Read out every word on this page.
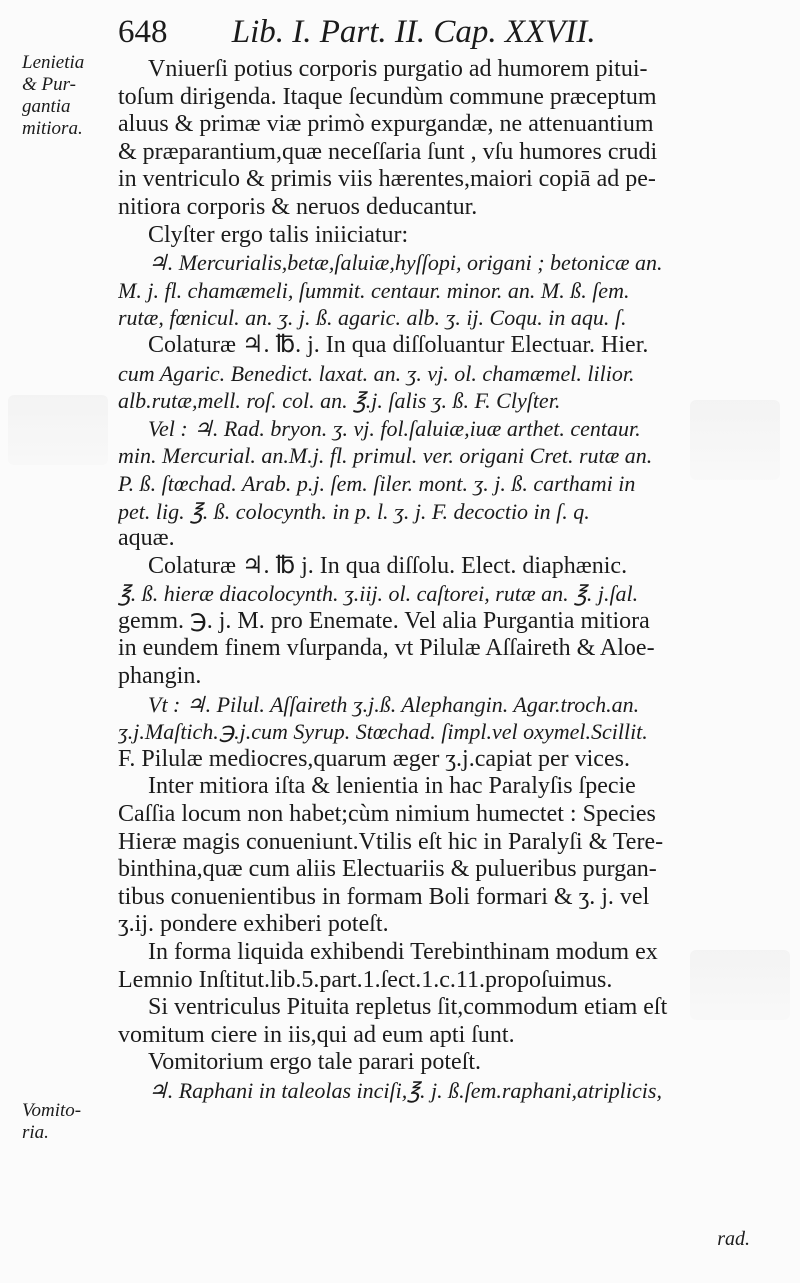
648 Lib. I. Part. II. Cap. XXVII.
Lenietia
& Pur-
gantia
mitiora.
Vomito-
ria.
Vniuerſi potius corporis purgatio ad humorem pitui-
toſum dirigenda. Itaque ſecundùm commune præceptum
aluus & primæ viæ primò expurgandæ, ne attenuantium
& præparantium,quæ neceſſaria ſunt , vſu humores crudi
in ventriculo & primis viis hærentes,maiori copiā ad pe-
nitiora corporis & neruos deducantur.
Clyſter ergo talis iniiciatur:
♃. Mercurialis,betæ,ſaluiæ,hyſſopi, origani ; betonicæ an.
M. j. fl. chamæmeli, ſummit. centaur. minor. an. M. ß. ſem.
rutæ, fœnicul. an. ʒ. j. ß. agaric. alb. ʒ. ij. Coqu. in aqu. ſ.
Colaturæ ♃. ℔. j. In qua diſſoluantur Electuar. Hier.
cum Agaric. Benedict. laxat. an. ʒ. vj. ol. chamæmel. lilior.
alb.rutæ,mell. roſ. col. an. ℥.j. ſalis ʒ. ß. F. Clyſter.
Vel : ♃. Rad. bryon. ʒ. vj. fol.ſaluiæ,iuæ arthet. centaur.
min. Mercurial. an.M.j. fl. primul. ver. origani Cret. rutæ an.
P. ß. ſtœchad. Arab. p.j. ſem. ſiler. mont. ʒ. j. ß. carthami in
pet. lig. ℥. ß. colocynth. in p. l. ʒ. j. F. decoctio in ſ. q.
aquæ.
Colaturæ ♃. ℔ j. In qua diſſolu. Elect. diaphænic.
℥. ß. hieræ diacolocynth. ʒ.iij. ol. caſtorei, rutæ an. ℥. j.ſal.
gemm. ℈. j. M. pro Enemate. Vel alia Purgantia mitiora
in eundem finem vſurpanda, vt Pilulæ Aſſaireth & Aloe-
phangin.
Vt : ♃. Pilul. Aſſaireth ʒ.j.ß. Alephangin. Agar.troch.an.
ʒ.j.Maſtich.℈.j.cum Syrup. Stœchad. ſimpl.vel oxymel.Scillit.
F. Pilulæ mediocres,quarum æger ʒ.j.capiat per vices.
Inter mitiora iſta & lenientia in hac Paralyſis ſpecie
Caſſia locum non habet;cùm nimium humectet : Species
Hieræ magis conueniunt.Vtilis eſt hic in Paralyſi & Tere-
binthina,quæ cum aliis Electuariis & pulueribus purgan-
tibus conuenientibus in formam Boli formari & ʒ. j. vel
ʒ.ij. pondere exhiberi poteſt.
In forma liquida exhibendi Terebinthinam modum ex
Lemnio Inſtitut.lib.5.part.1.ſect.1.c.11.propoſuimus.
Si ventriculus Pituita repletus ſit,commodum etiam eſt
vomitum ciere in iis,qui ad eum apti ſunt.
Vomitorium ergo tale parari poteſt.
♃. Raphani in taleolas inciſi,℥. j. ß.ſem.raphani,atriplicis,
rad.
